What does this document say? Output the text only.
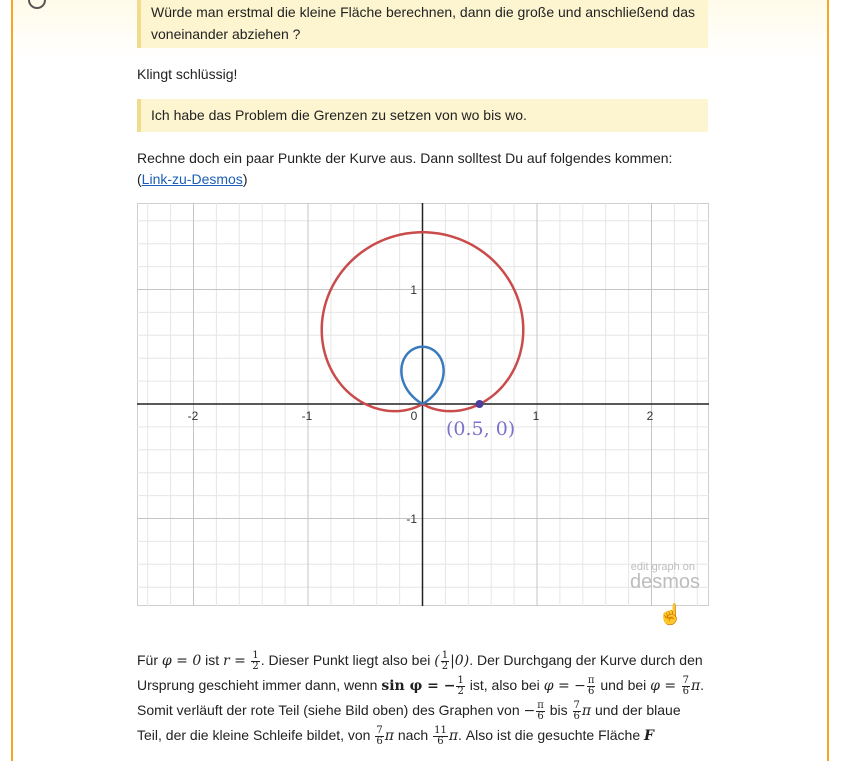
Würde man erstmal die kleine Fläche berechnen, dann die große und anschließend das voneinander abziehen ?
Klingt schlüssig!
Ich habe das Problem die Grenzen zu setzen von wo bis wo.
Rechne doch ein paar Punkte der Kurve aus. Dann solltest Du auf folgendes kommen:
(Link-zu-Desmos)
-2	-1	0	1	2
1
-1
(0.5, 0)
edit graph on
desmos
☝
Für φ = 0 ist $r = \frac{1}{2}$ . Dieser Punkt liegt also bei ( $\frac{1}{2} |0$). Der Durchgang der Kurve durch den Ursprung geschieht immer dann, wenn sin φ = − $\frac{1}{2}$ ist, also bei φ = − $\frac{\pi}{6}$ und bei $\varphi = \frac{7}{6} \pi$. Somit verläuft der rote Teil (siehe Bild oben) des Graphen von − $\frac{\pi}{6}$ bis $\frac{7}{6}$ π und der blaue Teil, der die kleine Schleife bildet, von $\frac{7}{6}$ π nach $\frac{11}{6} \pi$. Also ist die gesuchte Fläche F
